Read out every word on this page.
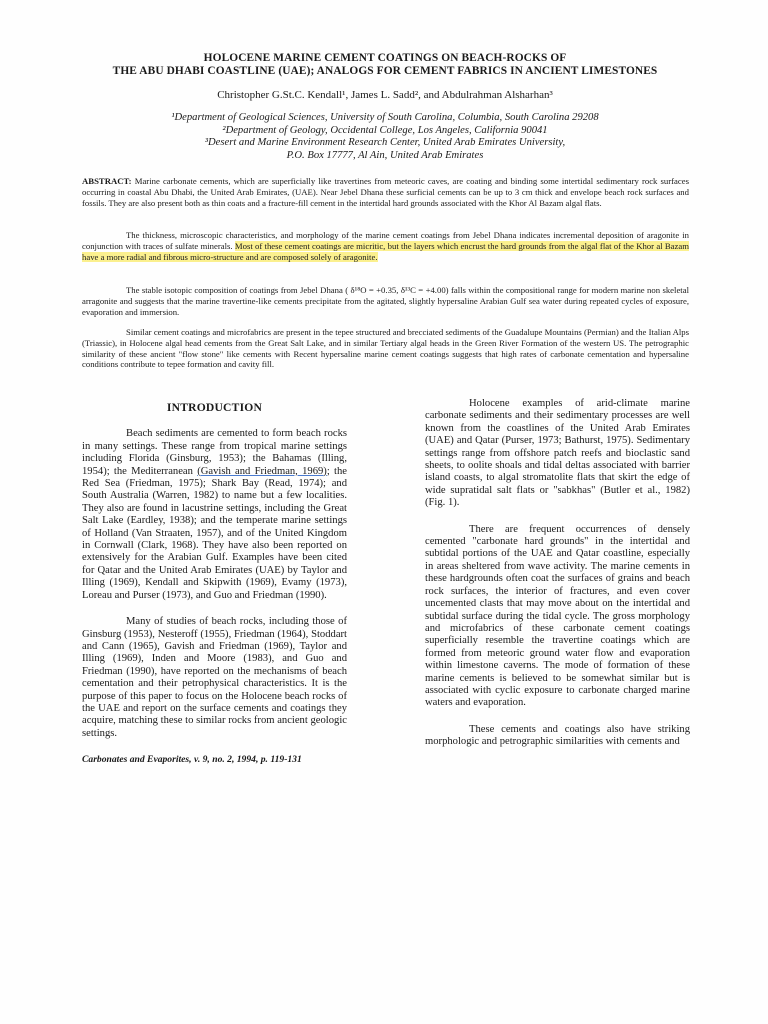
HOLOCENE MARINE CEMENT COATINGS ON BEACH-ROCKS OF
THE ABU DHABI COASTLINE (UAE); ANALOGS FOR CEMENT FABRICS IN ANCIENT LIMESTONES
Christopher G.St.C. Kendall¹, James L. Sadd², and Abdulrahman Alsharhan³
¹Department of Geological Sciences, University of South Carolina, Columbia, South Carolina 29208
²Department of Geology, Occidental College, Los Angeles, California 90041
³Desert and Marine Environment Research Center, United Arab Emirates University,
P.O. Box 17777, Al Ain, United Arab Emirates
ABSTRACT: Marine carbonate cements, which are superficially like travertines from meteoric caves, are coating and binding some intertidal sedimentary rock surfaces occurring in coastal Abu Dhabi, the United Arab Emirates, (UAE). Near Jebel Dhana these surficial cements can be up to 3 cm thick and envelope beach rock surfaces and fossils. They are also present both as thin coats and a fracture-fill cement in the intertidal hard grounds associated with the Khor Al Bazam algal flats.
The thickness, microscopic characteristics, and morphology of the marine cement coatings from Jebel Dhana indicates incremental deposition of aragonite in conjunction with traces of sulfate minerals. Most of these cement coatings are micritic, but the layers which encrust the hard grounds from the algal flat of the Khor al Bazam have a more radial and fibrous micro-structure and are composed solely of aragonite.
The stable isotopic composition of coatings from Jebel Dhana ( δ¹⁸O = +0.35, δ¹³C = +4.00) falls within the compositional range for modern marine non skeletal arragonite and suggests that the marine travertine-like cements precipitate from the agitated, slightly hypersaline Arabian Gulf sea water during repeated cycles of exposure, evaporation and immersion.
Similar cement coatings and microfabrics are present in the tepee structured and brecciated sediments of the Guadalupe Mountains (Permian) and the Italian Alps (Triassic), in Holocene algal head cements from the Great Salt Lake, and in similar Tertiary algal heads in the Green River Formation of the western US. The petrographic similarity of these ancient "flow stone" like cements with Recent hypersaline marine cement coatings suggests that high rates of carbonate cementation and hypersaline conditions contribute to tepee formation and cavity fill.
INTRODUCTION

Beach sediments are cemented to form beach rocks in many settings. These range from tropical marine settings including Florida (Ginsburg, 1953); the Bahamas (Illing, 1954); the Mediterranean (Gavish and Friedman, 1969); the Red Sea (Friedman, 1975); Shark Bay (Read, 1974); and South Australia (Warren, 1982) to name but a few localities. They also are found in lacustrine settings, including the Great Salt Lake (Eardley, 1938); and the temperate marine settings of Holland (Van Straaten, 1957), and of the United Kingdom in Cornwall (Clark, 1968). They have also been reported on extensively for the Arabian Gulf. Examples have been cited for Qatar and the United Arab Emirates (UAE) by Taylor and Illing (1969), Kendall and Skipwith (1969), Evamy (1973), Loreau and Purser (1973), and Guo and Friedman (1990).

Many of studies of beach rocks, including those of Ginsburg (1953), Nesteroff (1955), Friedman (1964), Stoddart and Cann (1965), Gavish and Friedman (1969), Taylor and Illing (1969), Inden and Moore (1983), and Guo and Friedman (1990), have reported on the mechanisms of beach cementation and their petrophysical characteristics. It is the purpose of this paper to focus on the Holocene beach rocks of the UAE and report on the surface cements and coatings they acquire, matching these to similar rocks from ancient geologic settings.

Holocene examples of arid-climate marine carbonate sediments and their sedimentary processes are well known from the coastlines of the United Arab Emirates (UAE) and Qatar (Purser, 1973; Bathurst, 1975). Sedimentary settings range from offshore patch reefs and bioclastic sand sheets, to oolite shoals and tidal deltas associated with barrier island coasts, to algal stromatolite flats that skirt the edge of wide supratidal salt flats or "sabkhas" (Butler et al., 1982) (Fig. 1).

There are frequent occurrences of densely cemented "carbonate hard grounds" in the intertidal and subtidal portions of the UAE and Qatar coastline, especially in areas sheltered from wave activity. The marine cements in these hardgrounds often coat the surfaces of grains and beach rock surfaces, the interior of fractures, and even cover uncemented clasts that may move about on the intertidal and subtidal surface during the tidal cycle. The gross morphology and microfabrics of these carbonate cement coatings superficially resemble the travertine coatings which are formed from meteoric ground water flow and evaporation within limestone caverns. The mode of formation of these marine cements is believed to be somewhat similar but is associated with cyclic exposure to carbonate charged marine waters and evaporation.

These cements and coatings also have striking morphologic and petrographic similarities with cements and

Carbonates and Evaporites, v. 9, no. 2, 1994, p. 119-131
